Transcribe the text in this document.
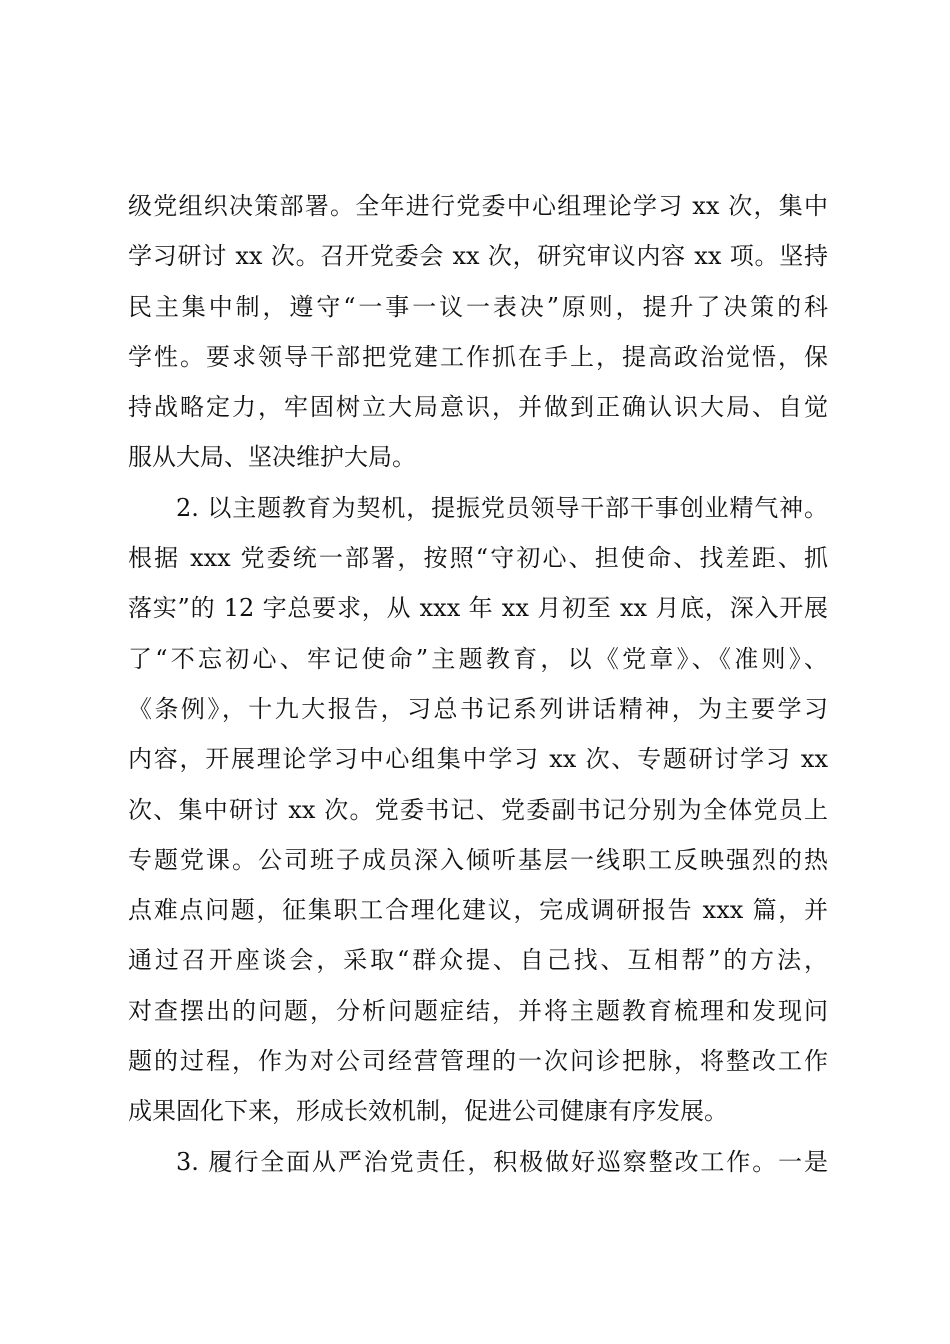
级党组织决策部署。全年进行党委中心组理论学习 xx 次，集中
学习研讨 xx 次。召开党委会 xx 次，研究审议内容 xx 项。坚持
民主集中制，遵守“一事一议一表决”原则，提升了决策的科
学性。要求领导干部把党建工作抓在手上，提高政治觉悟，保
持战略定力，牢固树立大局意识，并做到正确认识大局、自觉
服从大局、坚决维护大局。
2. 以主题教育为契机，提振党员领导干部干事创业精气神。
根据 xxx 党委统一部署，按照“守初心、担使命、找差距、抓
落实”的 12 字总要求，从 xxx 年 xx 月初至 xx 月底，深入开展
了“不忘初心、牢记使命”主题教育，以《党章》、《准则》、
《条例》，十九大报告，习总书记系列讲话精神，为主要学习
内容，开展理论学习中心组集中学习 xx 次、专题研讨学习 xx
次、集中研讨 xx 次。党委书记、党委副书记分别为全体党员上
专题党课。公司班子成员深入倾听基层一线职工反映强烈的热
点难点问题，征集职工合理化建议，完成调研报告 xxx 篇，并
通过召开座谈会，采取“群众提、自己找、互相帮”的方法，
对查摆出的问题，分析问题症结，并将主题教育梳理和发现问
题的过程，作为对公司经营管理的一次问诊把脉，将整改工作
成果固化下来，形成长效机制，促进公司健康有序发展。
3. 履行全面从严治党责任，积极做好巡察整改工作。一是
